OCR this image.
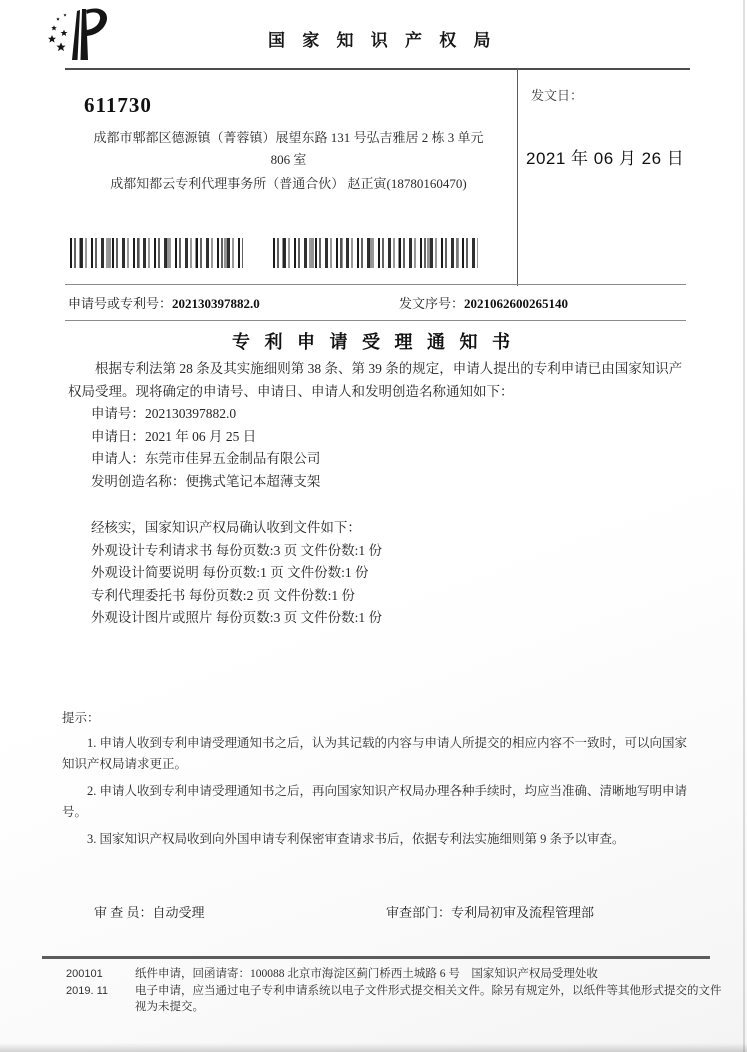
国 家 知 识 产 权 局
611730
成都市郫都区德源镇（菁蓉镇）展望东路 131 号弘吉雅居 2 栋 3 单元
806 室
成都知都云专利代理事务所（普通合伙） 赵正寅(18780160470)
发文日：
2021 年 06 月 26 日
申请号或专利号：202130397882.0	发文序号：2021062600265140
专 利 申 请 受 理 通 知 书

根据专利法第 28 条及其实施细则第 38 条、第 39 条的规定，申请人提出的专利申请已由国家知识产权局受理。现将确定的申请号、申请日、申请人和发明创造名称通知如下：

申请号：202130397882.0
申请日：2021 年 06 月 25 日
申请人：东莞市佳昇五金制品有限公司
发明创造名称：便携式笔记本超薄支架
经核实，国家知识产权局确认收到文件如下：
外观设计专利请求书 每份页数:3 页 文件份数:1 份
外观设计简要说明 每份页数:1 页 文件份数:1 份
专利代理委托书 每份页数:2 页 文件份数:1 份
外观设计图片或照片 每份页数:3 页 文件份数:1 份

提示：

1. 申请人收到专利申请受理通知书之后，认为其记载的内容与申请人所提交的相应内容不一致时，可以向国家知识产权局请求更正。

2. 申请人收到专利申请受理通知书之后，再向国家知识产权局办理各种手续时，均应当准确、清晰地写明申请号。

3. 国家知识产权局收到向外国申请专利保密审查请求书后，依据专利法实施细则第 9 条予以审查。

审 查 员：自动受理	审查部门：专利局初审及流程管理部
200101
2019. 11

纸件申请，回函请寄：100088 北京市海淀区蓟门桥西土城路 6 号　国家知识产权局受理处收

电子申请，应当通过电子专利申请系统以电子文件形式提交相关文件。除另有规定外，以纸件等其他形式提交的文件视为未提交。
